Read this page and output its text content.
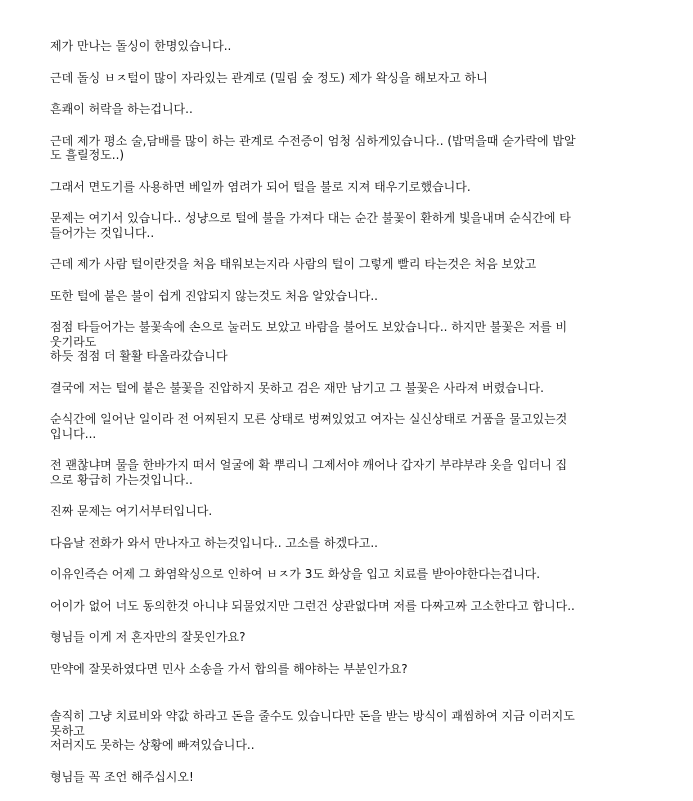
제가 만나는 돌싱이 한명있습니다..

근데 돌싱 ㅂㅈ털이 많이 자라있는 관계로 (밀림 숲 정도) 제가 왁싱을 해보자고 하니

흔쾌이 허락을 하는겁니다..

근데 제가 평소 술,담배를 많이 하는 관계로 수전증이 엄청 심하게있습니다.. (밥먹을때 숟가락에 밥알
도 흘릴정도..)

그래서 면도기를 사용하면 베일까 염려가 되어 털을 불로 지져 태우기로했습니다.

문제는 여기서 있습니다.. 성냥으로 털에 불을 가져다 대는 순간 불꽃이 환하게 빛을내며 순식간에 타
들어가는 것입니다..

근데 제가 사람 털이란것을 처음 태워보는지라 사람의 털이 그렇게 빨리 타는것은 처음 보았고

또한 털에 붙은 불이 쉽게 진압되지 않는것도 처음 알았습니다..

점점 타들어가는 불꽃속에 손으로 눌러도 보았고 바람을 불어도 보았습니다.. 하지만 불꽃은 저를 비
웃기라도
하듯 점점 더 활활 타올라갔습니다

결국에 저는 털에 붙은 불꽃을 진압하지 못하고 검은 재만 남기고 그 불꽃은 사라져 버렸습니다.

순식간에 일어난 일이라 전 어찌된지 모른 상태로 벙쪄있었고 여자는 실신상태로 거품을 물고있는것
입니다...

전 괜찮냐며 물을 한바가지 떠서 얼굴에 확 뿌리니 그제서야 깨어나 갑자기 부랴부랴 옷을 입더니 집
으로 황급히 가는것입니다..

진짜 문제는 여기서부터입니다.

다음날 전화가 와서 만나자고 하는것입니다.. 고소를 하겠다고..

이유인즉슨 어제 그 화염왁싱으로 인하여 ㅂㅈ가 3도 화상을 입고 치료를 받아야한다는겁니다.

어이가 없어 너도 동의한것 아니냐 되물었지만 그런건 상관없다며 저를 다짜고짜 고소한다고 합니다..

형님들 이게 저 혼자만의 잘못인가요?

만약에 잘못하였다면 민사 소송을 가서 합의를 해야하는 부분인가요?

솔직히 그냥 치료비와 약값 하라고 돈을 줄수도 있습니다만 돈을 받는 방식이 괘씸하여 지금 이러지도
못하고
저러지도 못하는 상황에 빠져있습니다..

형님들 꼭 조언 해주십시오!
